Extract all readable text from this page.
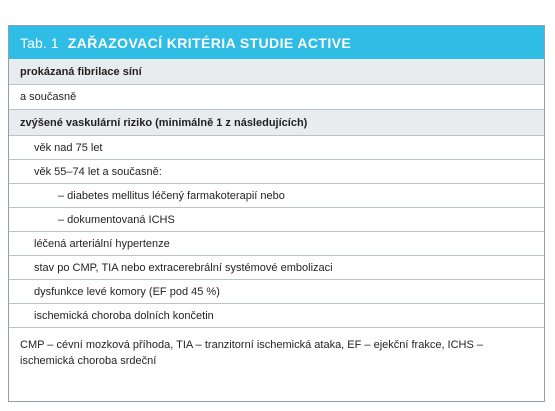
Tab. 1 ZAŘAZOVACÍ KRITÉRIA STUDIE ACTIVE
prokázaná fibrilace síní
a současně
zvýšené vaskulární riziko (minimálně 1 z následujících)
věk nad 75 let
věk 55–74 let a současně:
– diabetes mellitus léčený farmakoterapií nebo
– dokumentovaná ICHS
léčená arteriální hypertenze
stav po CMP, TIA nebo extracerebrální systémové embolizaci
dysfunkce levé komory (EF pod 45 %)
ischemická choroba dolních končetin
CMP – cévní mozková příhoda, TIA – tranzitorní ischemická ataka, EF – ejekční frakce, ICHS – ischemická choroba srdeční
